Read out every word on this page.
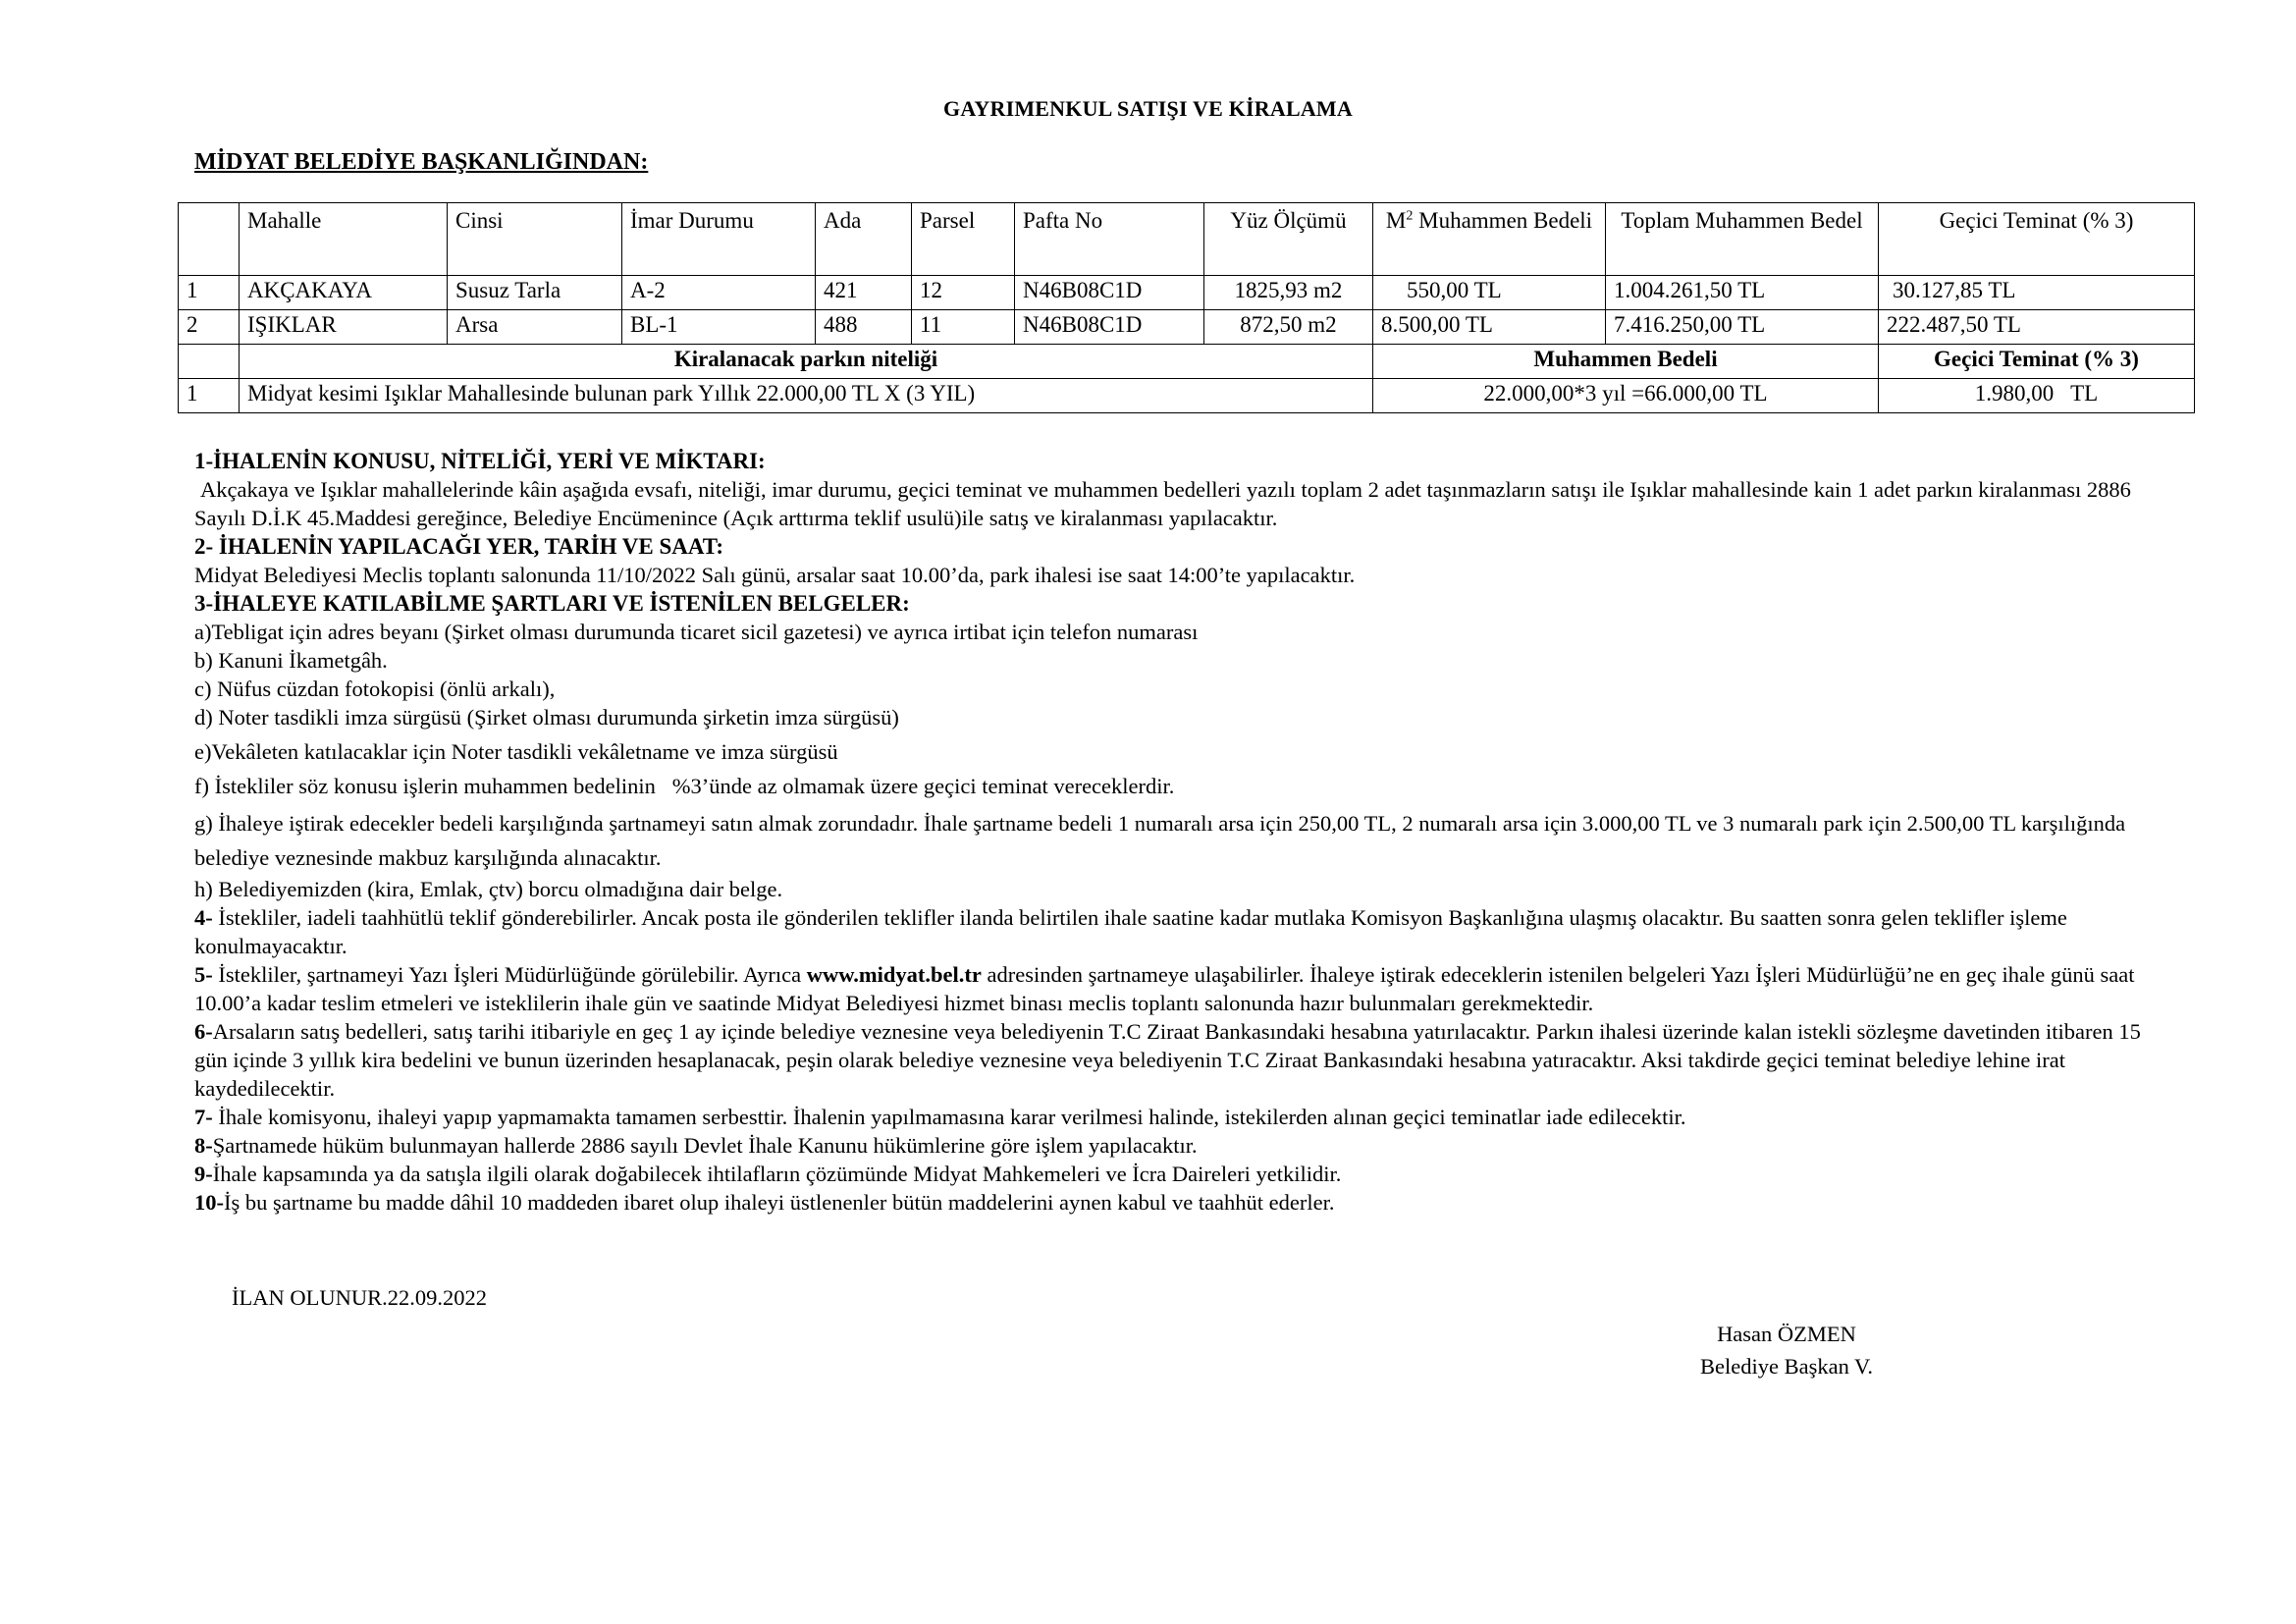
GAYRIMENKUL SATIŞI VE KİRALAMA
MİDYAT BELEDİYE BAŞKANLIĞINDAN:
	Mahalle	Cinsi	İmar Durumu	Ada	Parsel	Pafta No	Yüz Ölçümü	$M^2$ Muhammen Bedeli	Toplam Muhammen Bedel	Geçici Teminat (% 3)
1	AKÇAKAYA	Susuz Tarla	A-2	421	12	N46B08C1D	1825,93 m2	550,00 TL	1.004.261,50 TL	30.127,85 TL
2	IŞIKLAR	Arsa	BL-1	488	11	N46B08C1D	872,50 m2	8.500,00 TL	7.416.250,00 TL	222.487,50 TL
	Kiralanacak parkın niteliği							Muhammen Bedeli		Geçici Teminat (% 3)
1	Midyat kesimi Işıklar Mahallesinde bulunan park Yıllık 22.000,00 TL X (3 YIL)							22.000,00*3 yıl =66.000,00 TL		1.980,00   TL

1-İHALENİN KONUSU, NİTELİĞİ, YERİ VE MİKTARI:

Akçakaya ve Işıklar mahallelerinde kâin aşağıda evsafı, niteliği, imar durumu, geçici teminat ve muhammen bedelleri yazılı toplam 2 adet taşınmazların satışı ile Işıklar mahallesinde kain 1 adet parkın kiralanması 2886 Sayılı D.İ.K 45.Maddesi gereğince, Belediye Encümenince (Açık arttırma teklif usulü)ile satış ve kiralanması yapılacaktır.

2- İHALENİN YAPILACAĞI YER, TARİH VE SAAT:

Midyat Belediyesi Meclis toplantı salonunda 11/10/2022 Salı günü, arsalar saat 10.00’da, park ihalesi ise saat 14:00’te yapılacaktır.

3-İHALEYE KATILABİLME ŞARTLARI VE İSTENİLEN BELGELER:

a)Tebligat için adres beyanı (Şirket olması durumunda ticaret sicil gazetesi) ve ayrıca irtibat için telefon numarası

b) Kanuni İkametgâh.

c) Nüfus cüzdan fotokopisi (önlü arkalı),

d) Noter tasdikli imza sürgüsü (Şirket olması durumunda şirketin imza sürgüsü)

e)Vekâleten katılacaklar için Noter tasdikli vekâletname ve imza sürgüsü

f) İstekliler söz konusu işlerin muhammen bedelinin   %3’ünde az olmamak üzere geçici teminat vereceklerdir.

g) İhaleye iştirak edecekler bedeli karşılığında şartnameyi satın almak zorundadır. İhale şartname bedeli 1 numaralı arsa için 250,00 TL, 2 numaralı arsa için 3.000,00 TL ve 3 numaralı park için 2.500,00 TL karşılığında belediye veznesinde makbuz karşılığında alınacaktır.

h) Belediyemizden (kira, Emlak, çtv) borcu olmadığına dair belge.

4- İstekliler, iadeli taahhütlü teklif gönderebilirler. Ancak posta ile gönderilen teklifler ilanda belirtilen ihale saatine kadar mutlaka Komisyon Başkanlığına ulaşmış olacaktır. Bu saatten sonra gelen teklifler işleme konulmayacaktır.

5- İstekliler, şartnameyi Yazı İşleri Müdürlüğünde görülebilir. Ayrıca www.midyat.bel.tr adresinden şartnameye ulaşabilirler. İhaleye iştirak edeceklerin istenilen belgeleri Yazı İşleri Müdürlüğü’ne en geç ihale günü saat 10.00’a kadar teslim etmeleri ve isteklilerin ihale gün ve saatinde Midyat Belediyesi hizmet binası meclis toplantı salonunda hazır bulunmaları gerekmektedir.

6-Arsaların satış bedelleri, satış tarihi itibariyle en geç 1 ay içinde belediye veznesine veya belediyenin T.C Ziraat Bankasındaki hesabına yatırılacaktır. Parkın ihalesi üzerinde kalan istekli sözleşme davetinden itibaren 15 gün içinde 3 yıllık kira bedelini ve bunun üzerinden hesaplanacak, peşin olarak belediye veznesine veya belediyenin T.C Ziraat Bankasındaki hesabına yatıracaktır. Aksi takdirde geçici teminat belediye lehine irat kaydedilecektir.

7- İhale komisyonu, ihaleyi yapıp yapmamakta tamamen serbesttir. İhalenin yapılmamasına karar verilmesi halinde, istekilerden alınan geçici teminatlar iade edilecektir.

8-Şartnamede hüküm bulunmayan hallerde 2886 sayılı Devlet İhale Kanunu hükümlerine göre işlem yapılacaktır.

9-İhale kapsamında ya da satışla ilgili olarak doğabilecek ihtilafların çözümünde Midyat Mahkemeleri ve İcra Daireleri yetkilidir.

10-İş bu şartname bu madde dâhil 10 maddeden ibaret olup ihaleyi üstlenenler bütün maddelerini aynen kabul ve taahhüt ederler.

İLAN OLUNUR.22.09.2022
Hasan ÖZMEN
Belediye Başkan V.
